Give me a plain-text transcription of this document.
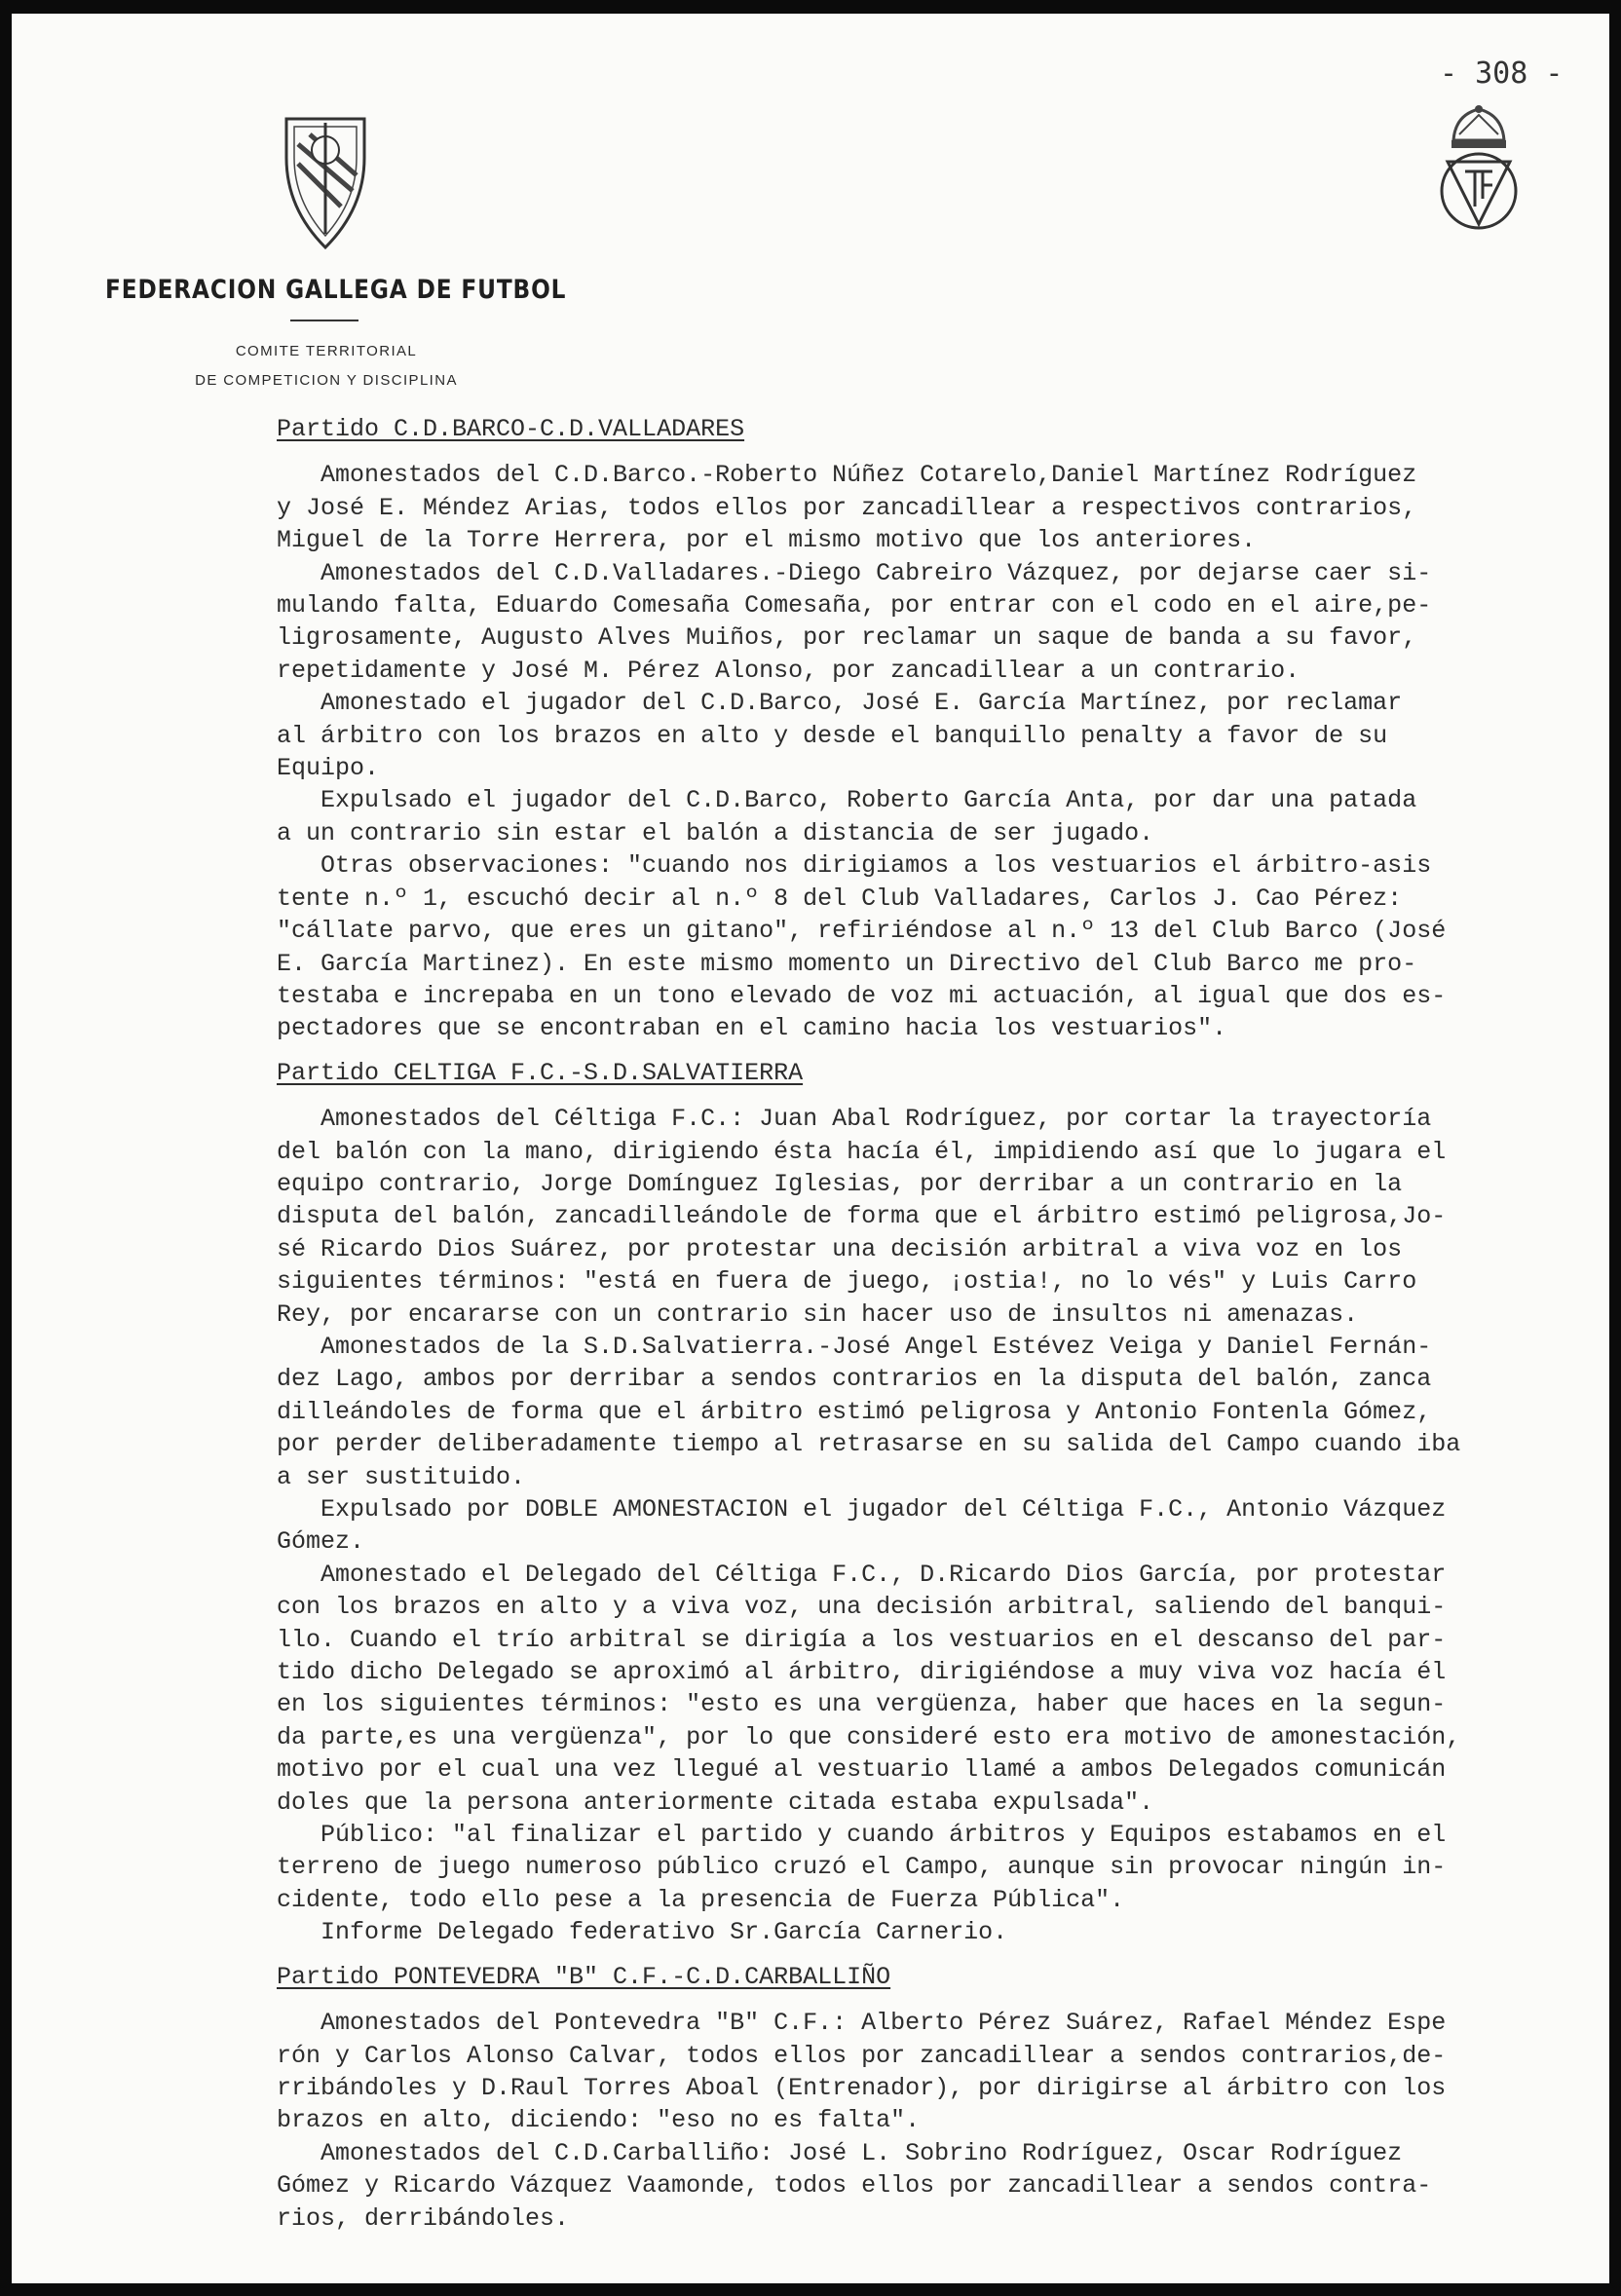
- 308 -
FEDERACION GALLEGA DE FUTBOL
COMITE TERRITORIAL
DE COMPETICION Y DISCIPLINA
Partido C.D.BARCO-C.D.VALLADARES
Amonestados del C.D.Barco.-Roberto Núñez Cotarelo,Daniel Martínez Rodríguez
y José E. Méndez Arias, todos ellos por zancadillear a respectivos contrarios,
Miguel de la Torre Herrera, por el mismo motivo que los anteriores.
Amonestados del C.D.Valladares.-Diego Cabreiro Vázquez, por dejarse caer si-
mulando falta, Eduardo Comesaña Comesaña, por entrar con el codo en el aire,pe-
ligrosamente, Augusto Alves Muiños, por reclamar un saque de banda a su favor,
repetidamente y José M. Pérez Alonso, por zancadillear a un contrario.
Amonestado el jugador del C.D.Barco, José E. García Martínez, por reclamar
al árbitro con los brazos en alto y desde el banquillo penalty a favor de su
Equipo.
Expulsado el jugador del C.D.Barco, Roberto García Anta, por dar una patada
a un contrario sin estar el balón a distancia de ser jugado.
Otras observaciones: "cuando nos dirigiamos a los vestuarios el árbitro-asis
tente n.º 1, escuchó decir al n.º 8 del Club Valladares, Carlos J. Cao Pérez:
"cállate parvo, que eres un gitano", refiriéndose al n.º 13 del Club Barco (José
E. García Martinez). En este mismo momento un Directivo del Club Barco me pro-
testaba e increpaba en un tono elevado de voz mi actuación, al igual que dos es-
pectadores que se encontraban en el camino hacia los vestuarios".
Partido CELTIGA F.C.-S.D.SALVATIERRA
Amonestados del Céltiga F.C.: Juan Abal Rodríguez, por cortar la trayectoría
del balón con la mano, dirigiendo ésta hacía él, impidiendo así que lo jugara el
equipo contrario, Jorge Domínguez Iglesias, por derribar a un contrario en la
disputa del balón, zancadilleándole de forma que el árbitro estimó peligrosa,Jo-
sé Ricardo Dios Suárez, por protestar una decisión arbitral a viva voz en los
siguientes términos: "está en fuera de juego, ¡ostia!, no lo vés" y Luis Carro
Rey, por encararse con un contrario sin hacer uso de insultos ni amenazas.
Amonestados de la S.D.Salvatierra.-José Angel Estévez Veiga y Daniel Fernán-
dez Lago, ambos por derribar a sendos contrarios en la disputa del balón, zanca
dilleándoles de forma que el árbitro estimó peligrosa y Antonio Fontenla Gómez,
por perder deliberadamente tiempo al retrasarse en su salida del Campo cuando iba
a ser sustituido.
Expulsado por DOBLE AMONESTACION el jugador del Céltiga F.C., Antonio Vázquez
Gómez.
Amonestado el Delegado del Céltiga F.C., D.Ricardo Dios García, por protestar
con los brazos en alto y a viva voz, una decisión arbitral, saliendo del banqui-
llo. Cuando el trío arbitral se dirigía a los vestuarios en el descanso del par-
tido dicho Delegado se aproximó al árbitro, dirigiéndose a muy viva voz hacía él
en los siguientes términos: "esto es una vergüenza, haber que haces en la segun-
da parte,es una vergüenza", por lo que consideré esto era motivo de amonestación,
motivo por el cual una vez llegué al vestuario llamé a ambos Delegados comunicán
doles que la persona anteriormente citada estaba expulsada".
Público: "al finalizar el partido y cuando árbitros y Equipos estabamos en el
terreno de juego numeroso público cruzó el Campo, aunque sin provocar ningún in-
cidente, todo ello pese a la presencia de Fuerza Pública".
Informe Delegado federativo Sr.García Carnerio.
Partido PONTEVEDRA "B" C.F.-C.D.CARBALLIÑO
Amonestados del Pontevedra "B" C.F.: Alberto Pérez Suárez, Rafael Méndez Espe
rón y Carlos Alonso Calvar, todos ellos por zancadillear a sendos contrarios,de-
rribándoles y D.Raul Torres Aboal (Entrenador), por dirigirse al árbitro con los
brazos en alto, diciendo: "eso no es falta".
Amonestados del C.D.Carballiño: José L. Sobrino Rodríguez, Oscar Rodríguez
Gómez y Ricardo Vázquez Vaamonde, todos ellos por zancadillear a sendos contra-
rios, derribándoles.
